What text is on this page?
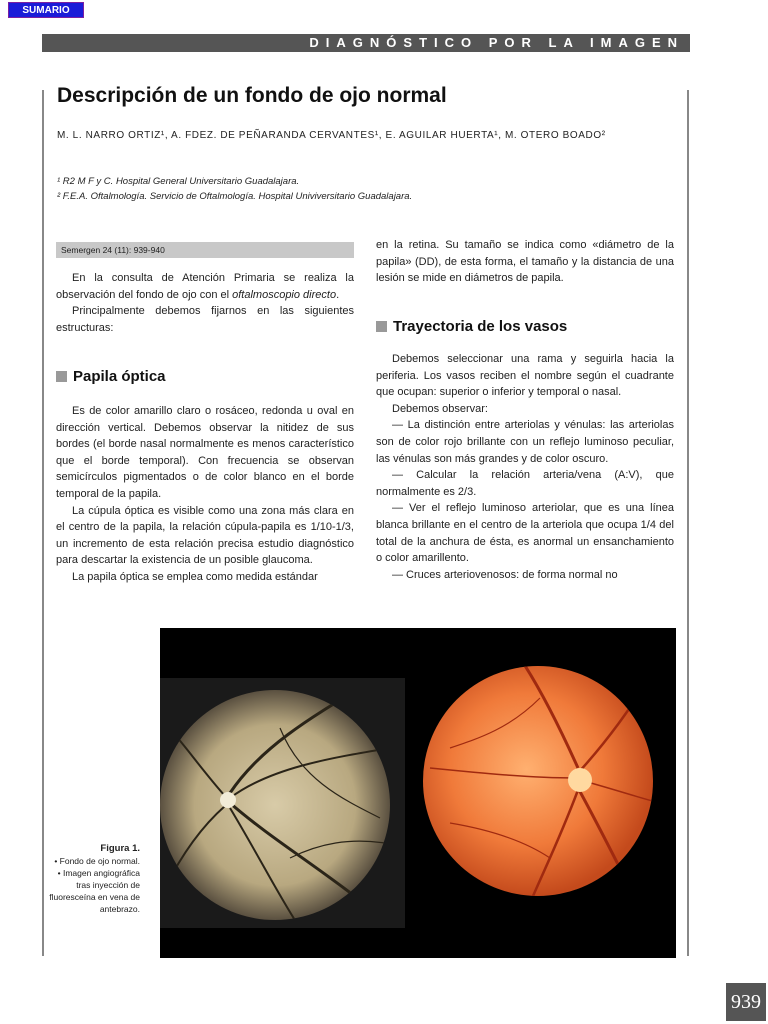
SUMARIO
DIAGNÓSTICO POR LA IMAGEN
Descripción de un fondo de ojo normal
M. L. NARRO ORTIZ¹, A. FDEZ. DE PEÑARANDA CERVANTES¹, E. AGUILAR HUERTA¹, M. OTERO BOADO²
¹ R2 M F y C. Hospital General Universitario Guadalajara.
² F.E.A. Oftalmología. Servicio de Oftalmología. Hospital Univiversitario Guadalajara.
Semergen 24 (11): 939-940

En la consulta de Atención Primaria se realiza la observación del fondo de ojo con el oftalmoscopio directo.

Principalmente debemos fijarnos en las siguientes estructuras:

Papila óptica

Es de color amarillo claro o rosáceo, redonda u oval en dirección vertical. Debemos observar la nitidez de sus bordes (el borde nasal normalmente es menos característico que el borde temporal). Con frecuencia se observan semicírculos pigmentados o de color blanco en el borde temporal de la papila.

La cúpula óptica es visible como una zona más clara en el centro de la papila, la relación cúpula-papila es 1/10-1/3, un incremento de esta relación precisa estudio diagnóstico para descartar la existencia de un posible glaucoma.

La papila óptica se emplea como medida estándar

en la retina. Su tamaño se indica como «diámetro de la papila» (DD), de esta forma, el tamaño y la distancia de una lesión se mide en diámetros de papila.

Trayectoria de los vasos

Debemos seleccionar una rama y seguirla hacia la periferia. Los vasos reciben el nombre según el cuadrante que ocupan: superior o inferior y temporal o nasal.

Debemos observar:

— La distinción entre arteriolas y vénulas: las arteriolas son de color rojo brillante con un reflejo luminoso peculiar, las vénulas son más grandes y de color oscuro.

— Calcular la relación arteria/vena (A:V), que normalmente es 2/3.

— Ver el reflejo luminoso arteriolar, que es una línea blanca brillante en el centro de la arteriola que ocupa 1/4 del total de la anchura de ésta, es anormal un ensanchamiento o color amarillento.

— Cruces arteriovenosos: de forma normal no

Figura 1.
• Fondo de ojo normal.
• Imagen angiográfica tras inyección de fluoresceína en vena de antebrazo.
939
